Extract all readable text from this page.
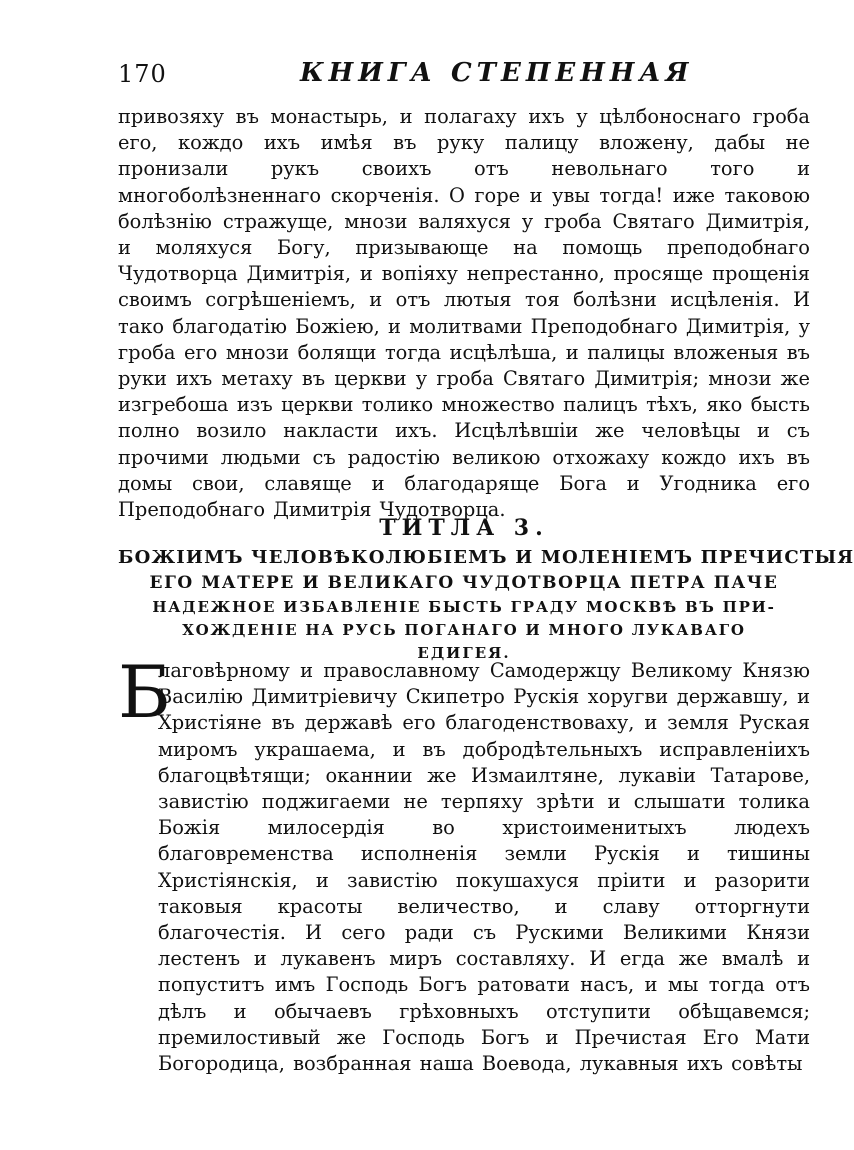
170	КНИГА СТЕПЕННАЯ

привозяху въ монастырь, и полагаху ихъ у цѣлбоноснаго гроба его, кождо ихъ имѣя въ руку палицу вложену, дабы не пронизали рукъ своихъ отъ невольнаго того и многоболѣзненнаго скорченія. О горе и увы тогда! иже таковою болѣзнію стражуще, мнози валяхуся у гроба Святаго Димитрія, и моляхуся Богу, призывающе на помощь преподобнаго Чудотворца Димитрія, и вопіяху непрестанно, просяще прощенія своимъ согрѣшеніемъ, и отъ лютыя тоя болѣзни исцѣленія. И тако благодатію Божіею, и молитвами Преподобнаго Димитрія, у гроба его мнози болящи тогда исцѣлѣша, и палицы вложеныя въ руки ихъ метаху въ церкви у гроба Святаго Димитрія; мнози же изгребоша изъ церкви толико множество палицъ тѣхъ, яко бысть полно возило накласти ихъ. Исцѣлѣвшіи же человѣцы и съ прочими людьми съ радостію великою отхожаху кождо ихъ въ домы свои, славяще и благодаряще Бога и Угодника его Преподобнаго Димитрія Чудотворца.

ТИТЛА 3.

БОЖІИМЪ ЧЕЛОВѢКОЛЮБІЕМЪ И МОЛЕНІЕМЪ ПРЕЧИСТЫЯ
ЕГО МАТЕРЕ И ВЕЛИКАГО ЧУДОТВОРЦА ПЕТРА ПАЧЕ
НАДЕЖНОЕ ИЗБАВЛЕНІЕ БЫСТЬ ГРАДУ МОСКВѢ ВЪ ПРИ-
ХОЖДЕНІЕ НА РУСЬ ПОГАНАГО И МНОГО ЛУКАВАГО
ЕДИГЕЯ.

Б

лаговѣрному и православному Самодержцу Великому Князю Василію Димитріевичу Скипетро Рускія хоругви державшу, и Христіяне въ державѣ его благоденствоваху, и земля Руская миромъ украшаема, и въ добродѣтельныхъ исправленіихъ благоцвѣтящи; оканнии же Измаилтяне, лукавіи Татарове, завистію поджигаеми не терпяху зрѣти и слышати толика Божія милосердія во христоименитыхъ людехъ благовременства исполненія земли Рускія и тишины Христіянскія, и завистію покушахуся пріити и разорити таковыя красоты величество, и славу отторгнути благочестія. И сего ради съ Рускими Великими Князи лестенъ и лукавенъ миръ составляху. И егда же вмалѣ и попуститъ имъ Господь Богъ ратовати насъ, и мы тогда отъ дѣлъ и обычаевъ грѣховныхъ отступити обѣщавемся; премилостивый же Господь Богъ и Пречистая Его Мати Богородица, возбранная наша Воевода, лукавныя ихъ совѣты
